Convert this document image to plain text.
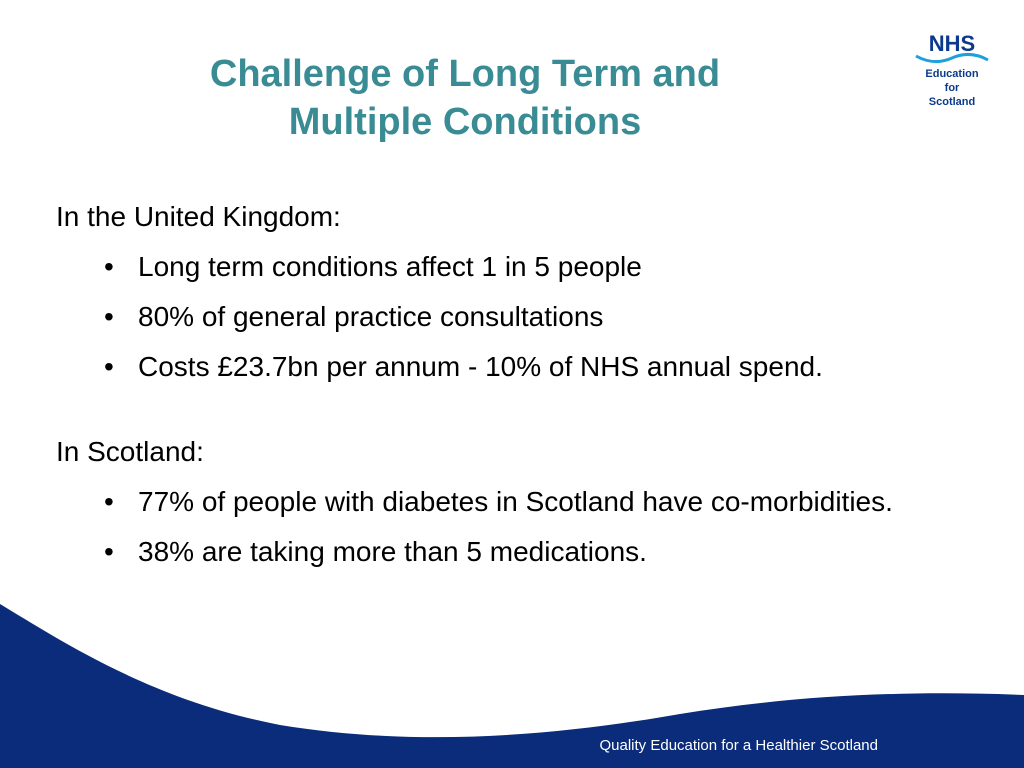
Challenge of Long Term and
Multiple Conditions
NHS
Education
for
Scotland
In the United Kingdom:
• Long term conditions affect 1 in 5 people
• 80% of general practice consultations
• Costs £23.7bn per annum - 10% of NHS annual spend.
In Scotland:
• 77% of people with diabetes in Scotland have co-morbidities.
• 38% are taking more than 5 medications.
Quality Education for a Healthier Scotland
